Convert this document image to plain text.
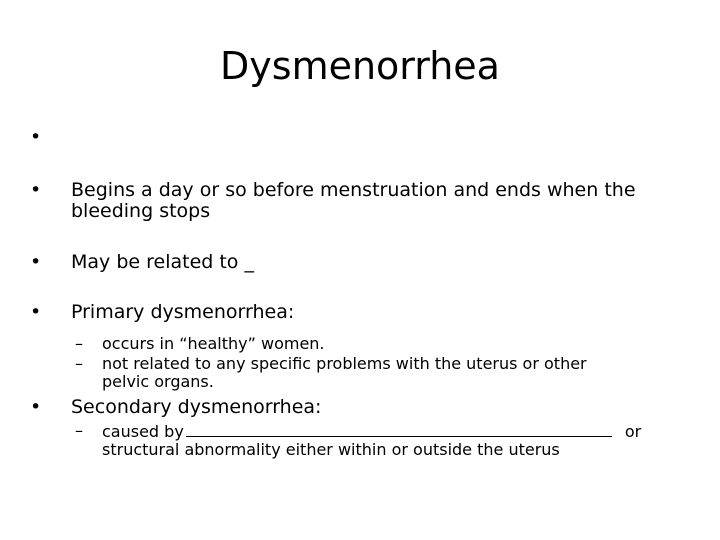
Dysmenorrhea
•
• Begins a day or so before menstruation and ends when the
bleeding stops
• May be related to _
• Primary dysmenorrhea:
– occurs in “healthy” women.
– not related to any specific problems with the uterus or other
pelvic organs.
• Secondary dysmenorrhea:
– caused by	or
structural abnormality either within or outside the uterus
